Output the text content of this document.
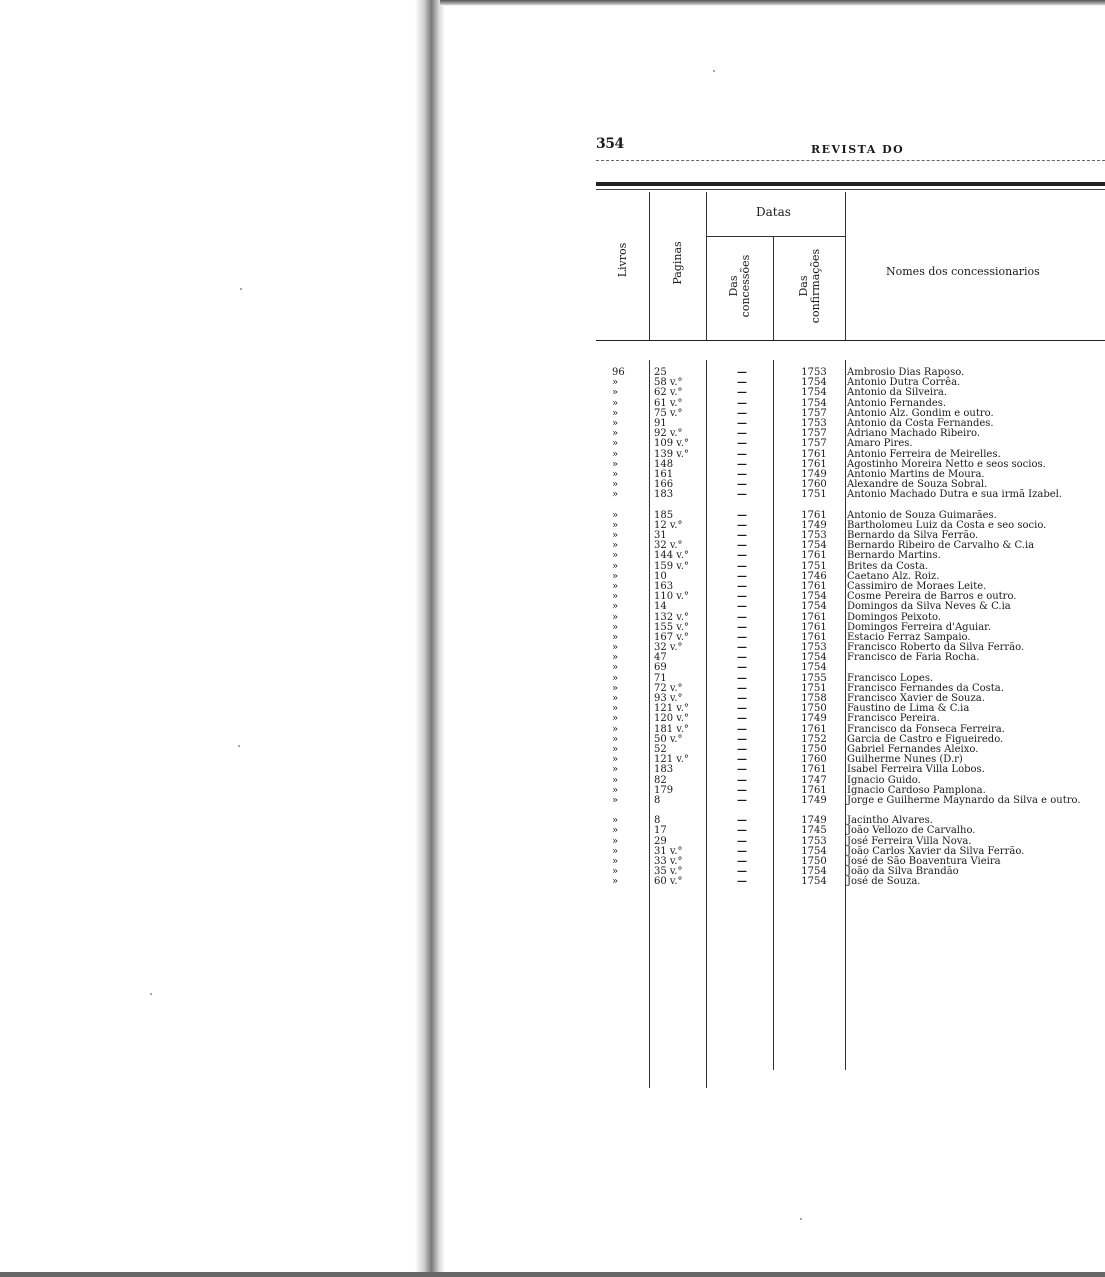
354	REVISTA DO
Livros	Paginas
Datas
Das concessões	Das confirmações	Nomes dos concessionarios
96	25	—	1753	Ambrosio Dias Raposo.
»	58 v.°	—	1754	Antonio Dutra Corrêa.
»	62 v.°	—	1754	Antonio da Silveira.
»	61 v.°	—	1754	Antonio Fernandes.
»	75 v.°	—	1757	Antonio Alz. Gondim e outro.
»	91	—	1753	Antonio da Costa Fernandes.
»	92 v.°	—	1757	Adriano Machado Ribeiro.
»	109 v.°	—	1757	Amaro Pires.
»	139 v.°	—	1761	Antonio Ferreira de Meirelles.
»	148	—	1761	Agostinho Moreira Netto e seos socios.
»	161	—	1749	Antonio Martins de Moura.
»	166	—	1760	Alexandre de Souza Sobral.
»	183	—	1751	Antonio Machado Dutra e sua irmã Izabel.
»	185	—	1761	Antonio de Souza Guimarães.
»	12 v.°	—	1749	Bartholomeu Luiz da Costa e seo socio.
»	31	—	1753	Bernardo da Silva Ferrão.
»	32 v.°	—	1754	Bernardo Ribeiro de Carvalho & C.ia
»	144 v.°	—	1761	Bernardo Martins.
»	159 v.°	—	1751	Brites da Costa.
»	10	—	1746	Caetano Alz. Roiz.
»	163	—	1761	Cassimiro de Moraes Leite.
»	110 v.°	—	1754	Cosme Pereira de Barros e outro.
»	14	—	1754	Domingos da Silva Neves & C.ia
»	132 v.°	—	1761	Domingos Peixoto.
»	155 v.°	—	1761	Domingos Ferreira d'Aguiar.
»	167 v.°	—	1761	Estacio Ferraz Sampaio.
»	32 v.°	—	1753	Francisco Roberto da Silva Ferrão.
»	47	—	1754	Francisco de Faria Rocha.
»	69	—	1754
»	71	—	1755	Francisco Lopes.
»	72 v.°	—	1751	Francisco Fernandes da Costa.
»	93 v.°	—	1758	Francisco Xavier de Souza.
»	121 v.°	—	1750	Faustino de Lima & C.ia
»	120 v.°	—	1749	Francisco Pereira.
»	181 v.°	—	1761	Francisco da Fonseca Ferreira.
»	50 v.°	—	1752	Garcia de Castro e Figueiredo.
»	52	—	1750	Gabriel Fernandes Aleixo.
»	121 v.°	—	1760	Guilherme Nunes (D.r)
»	183	—	1761	Isabel Ferreira Villa Lobos.
»	82	—	1747	Ignacio Guido.
»	179	—	1761	Ignacio Cardoso Pamplona.
»	8	—	1749	Jorge e Guilherme Maynardo da Silva e outro.
»	8	—	1749	Jacintho Alvares.
»	17	—	1745	João Vellozo de Carvalho.
»	29	—	1753	José Ferreira Villa Nova.
»	31 v.°	—	1754	João Carlos Xavier da Silva Ferrão.
»	33 v.°	—	1750	José de São Boaventura Vieira
»	35 v.°	—	1754	João da Silva Brandão
»	60 v.°	—	1754	José de Souza.
